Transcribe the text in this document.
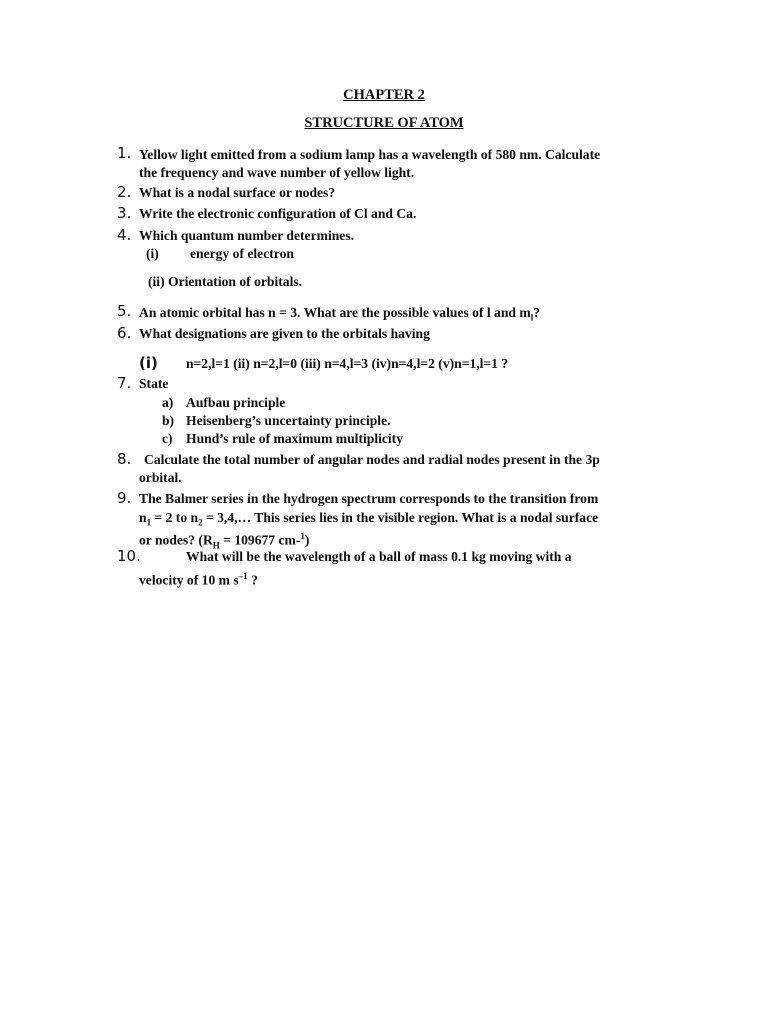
CHAPTER 2
STRUCTURE OF ATOM
1. Yellow light emitted from a sodium lamp has a wavelength of 580 nm. Calculate
the frequency and wave number of yellow light.
2. What is a nodal surface or nodes?
3. Write the electronic configuration of Cl and Ca.
4. Which quantum number determines.
(i) energy of electron
(ii) Orientation of orbitals.
5. An atomic orbital has n = 3. What are the possible values of l and $m_l$?
6. What designations are given to the orbitals having
(i) n=2,l=1 (ii) n=2,l=0 (iii) n=4,l=3 (iv)n=4,l=2 (v)n=1,l=1 ?
7. State
a) Aufbau principle
b) Heisenberg’s uncertainty principle.
c) Hund’s rule of maximum multiplicity
8. Calculate the total number of angular nodes and radial nodes present in the 3p
orbital.
9. The Balmer series in the hydrogen spectrum corresponds to the transition from
$n_1 = 2$ to $n_2$ = 3,4,… This series lies in the visible region. What is a nodal surface
or nodes? ($R_H = 109677$ cm-$^1$)
10.	What will be the wavelength of a ball of mass 0.1 kg moving with a
velocity of 10 m $s^{-1}$ ?
